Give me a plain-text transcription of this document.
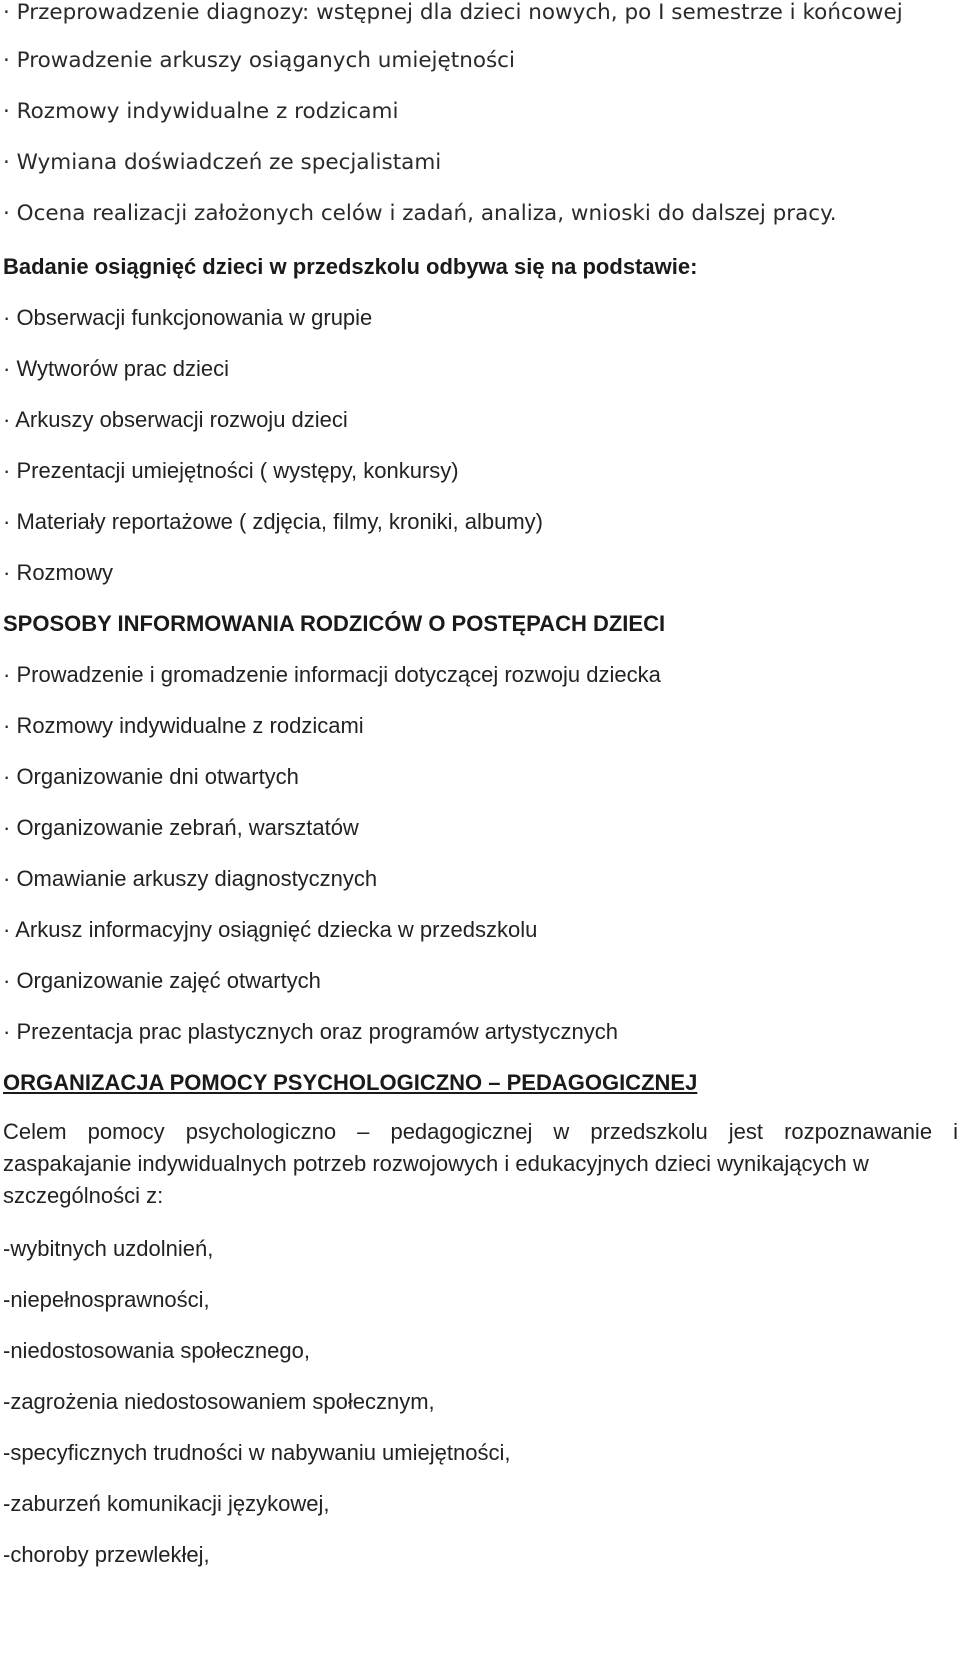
· Przeprowadzenie diagnozy: wstępnej dla dzieci nowych, po I semestrze i końcowej
· Prowadzenie arkuszy osiąganych umiejętności
· Rozmowy indywidualne z rodzicami
· Wymiana doświadczeń ze specjalistami
· Ocena realizacji założonych celów i zadań, analiza, wnioski do dalszej pracy.
Badanie osiągnięć dzieci w przedszkolu odbywa się na podstawie:
· Obserwacji funkcjonowania w grupie
· Wytworów prac dzieci
· Arkuszy obserwacji rozwoju dzieci
· Prezentacji umiejętności ( występy, konkursy)
· Materiały reportażowe ( zdjęcia, filmy, kroniki, albumy)
· Rozmowy
SPOSOBY INFORMOWANIA RODZICÓW O POSTĘPACH DZIECI
· Prowadzenie i gromadzenie informacji dotyczącej rozwoju dziecka
· Rozmowy indywidualne z rodzicami
· Organizowanie dni otwartych
· Organizowanie zebrań, warsztatów
· Omawianie arkuszy diagnostycznych
· Arkusz informacyjny osiągnięć dziecka w przedszkolu
· Organizowanie zajęć otwartych
· Prezentacja prac plastycznych oraz programów artystycznych
ORGANIZACJA POMOCY PSYCHOLOGICZNO – PEDAGOGICZNEJ
Celem pomocy psychologiczno – pedagogicznej w przedszkolu jest rozpoznawanie i
zaspakajanie indywidualnych potrzeb rozwojowych i edukacyjnych dzieci wynikających w
szczególności z:
-wybitnych uzdolnień,
-niepełnosprawności,
-niedostosowania społecznego,
-zagrożenia niedostosowaniem społecznym,
-specyficznych trudności w nabywaniu umiejętności,
-zaburzeń komunikacji językowej,
-choroby przewlekłej,
